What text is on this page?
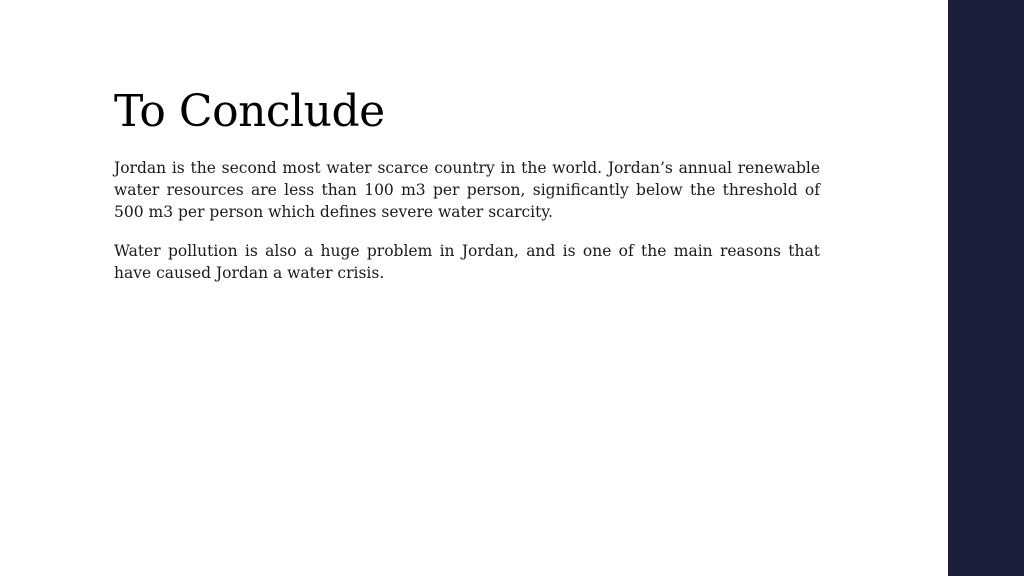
To Conclude

Jordan is the second most water scarce country in the world. Jordan’s annual renewable water resources are less than 100 m3 per person, significantly below the threshold of 500 m3 per person which defines severe water scarcity.

Water pollution is also a huge problem in Jordan, and is one of the main reasons that have caused Jordan a water crisis.
